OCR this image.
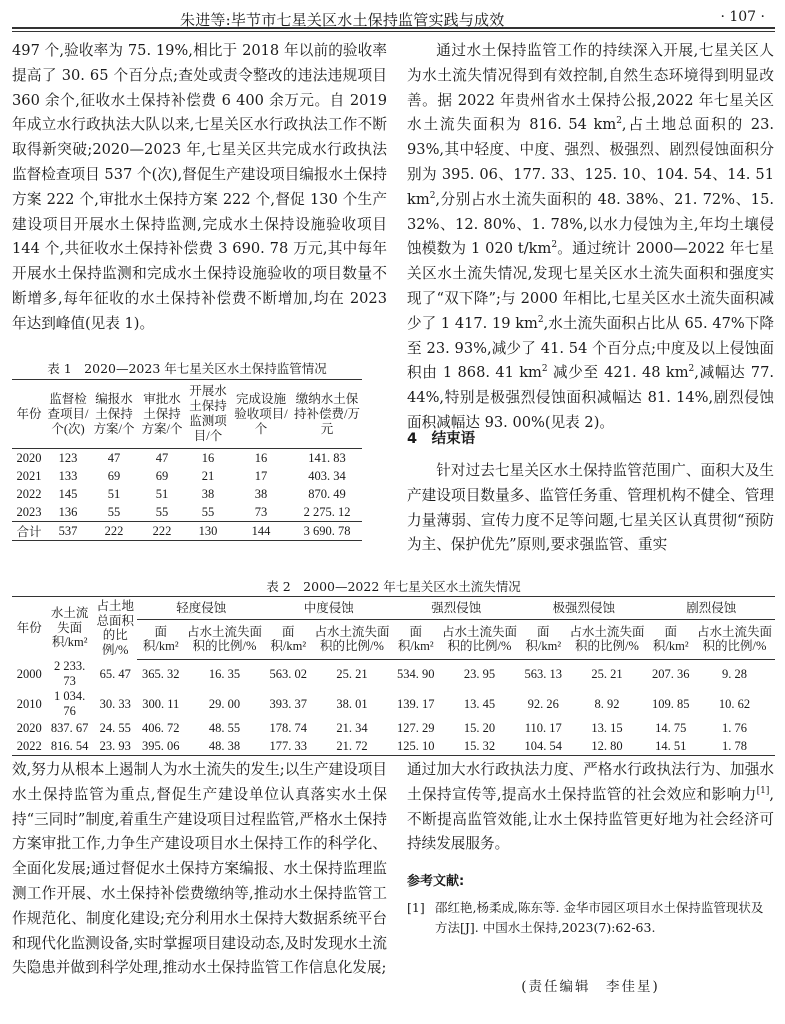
朱进等:毕节市七星关区水土保持监管实践与成效	· 107 ·

497 个,验收率为 75. 19%,相比于 2018 年以前的验收率提高了 30. 65 个百分点;查处或责令整改的违法违规项目 360 余个,征收水土保持补偿费 6 400 余万元。自 2019 年成立水行政执法大队以来,七星关区水行政执法工作不断取得新突破;2020—2023 年,七星关区共完成水行政执法监督检查项目 537 个(次),督促生产建设项目编报水土保持方案 222 个,审批水土保持方案 222 个,督促 130 个生产建设项目开展水土保持监测,完成水土保持设施验收项目 144 个,共征收水土保持补偿费 3 690. 78 万元,其中每年开展水土保持监测和完成水土保持设施验收的项目数量不断增多,每年征收的水土保持补偿费不断增加,均在 2023 年达到峰值(见表 1)。

通过水土保持监管工作的持续深入开展,七星关区人为水土流失情况得到有效控制,自然生态环境得到明显改善。据 2022 年贵州省水土保持公报,2022 年七星关区水土流失面积为 816. 54 $km^2$,占土地总面积的 23. 93%,其中轻度、中度、强烈、极强烈、剧烈侵蚀面积分别为 395. 06、177. 33、125. 10、104. 54、14. 51 $km^2$,分别占水土流失面积的 48. 38%、21. 72%、15. 32%、12. 80%、1. 78%,以水力侵蚀为主,年均土壤侵蚀模数为 1 020 $t/km^2$。通过统计 2000—2022 年七星关区水土流失情况,发现七星关区水土流失面积和强度实现了“双下降”;与 2000 年相比,七星关区水土流失面积减少了 1 417. 19 $km^2$,水土流失面积占比从 65. 47%下降至 23. 93%,减少了 41. 54 个百分点;中度及以上侵蚀面积由 1 868. 41 $km^2$ 减少至 421. 48 $km^2$,减幅达 77. 44%,特别是极强烈侵蚀面积减幅达 81. 14%,剧烈侵蚀面积减幅达 93. 00%(见表 2)。

表 1　2020—2023 年七星关区水土保持监管情况
年份	监督检查项目/个(次)	编报水土保持方案/个	审批水土保持方案/个	开展水土保持监测项目/个	完成设施验收项目/个	缴纳水土保持补偿费/万元
2020	123	47	47	16	16	141. 83
2021	133	69	69	21	17	403. 34
2022	145	51	51	38	38	870. 49
2023	136	55	55	55	73	2 275. 12
合计	537	222	222	130	144	3 690. 78
4　结束语

针对过去七星关区水土保持监管范围广、面积大及生产建设项目数量多、监管任务重、管理机构不健全、管理力量薄弱、宣传力度不足等问题,七星关区认真贯彻“预防为主、保护优先”原则,要求强监管、重实

表 2　2000—2022 年七星关区水土流失情况
年份	水土流失面积/km²	占土地总面积的比例/%	轻度侵蚀		中度侵蚀		强烈侵蚀		极强烈侵蚀		剧烈侵蚀	
			面积/km²	占水土流失面积的比例/%	面积/km²	占水土流失面积的比例/%	面积/km²	占水土流失面积的比例/%	面积/km²	占水土流失面积的比例/%	面积/km²	占水土流失面积的比例/%
2000	2 233. 73	65. 47	365. 32	16. 35	563. 02	25. 21	534. 90	23. 95	563. 13	25. 21	207. 36	9. 28
2010	1 034. 76	30. 33	300. 11	29. 00	393. 37	38. 01	139. 17	13. 45	92. 26	8. 92	109. 85	10. 62
2020	837. 67	24. 55	406. 72	48. 55	178. 74	21. 34	127. 29	15. 20	110. 17	13. 15	14. 75	1. 76
2022	816. 54	23. 93	395. 06	48. 38	177. 33	21. 72	125. 10	15. 32	104. 54	12. 80	14. 51	1. 78

效,努力从根本上遏制人为水土流失的发生;以生产建设项目水土保持监管为重点,督促生产建设单位认真落实水土保持“三同时”制度,着重生产建设项目过程监管,严格水土保持方案审批工作,力争生产建设项目水土保持工作的科学化、全面化发展;通过督促水土保持方案编报、水土保持监理监测工作开展、水土保持补偿费缴纳等,推动水土保持监管工作规范化、制度化建设;充分利用水土保持大数据系统平台和现代化监测设备,实时掌握项目建设动态,及时发现水土流失隐患并做到科学处理,推动水土保持监管工作信息化发展;

通过加大水行政执法力度、严格水行政执法行为、加强水土保持宣传等,提高水土保持监管的社会效应和影响力[1],不断提高监管效能,让水土保持监管更好地为社会经济可持续发展服务。

参考文献:
[1] 邵红艳,杨柔成,陈东等. 金华市园区项目水土保持监管现状及方法[J]. 中国水土保持,2023(7):62-63.
(责任编辑　李佳星)
